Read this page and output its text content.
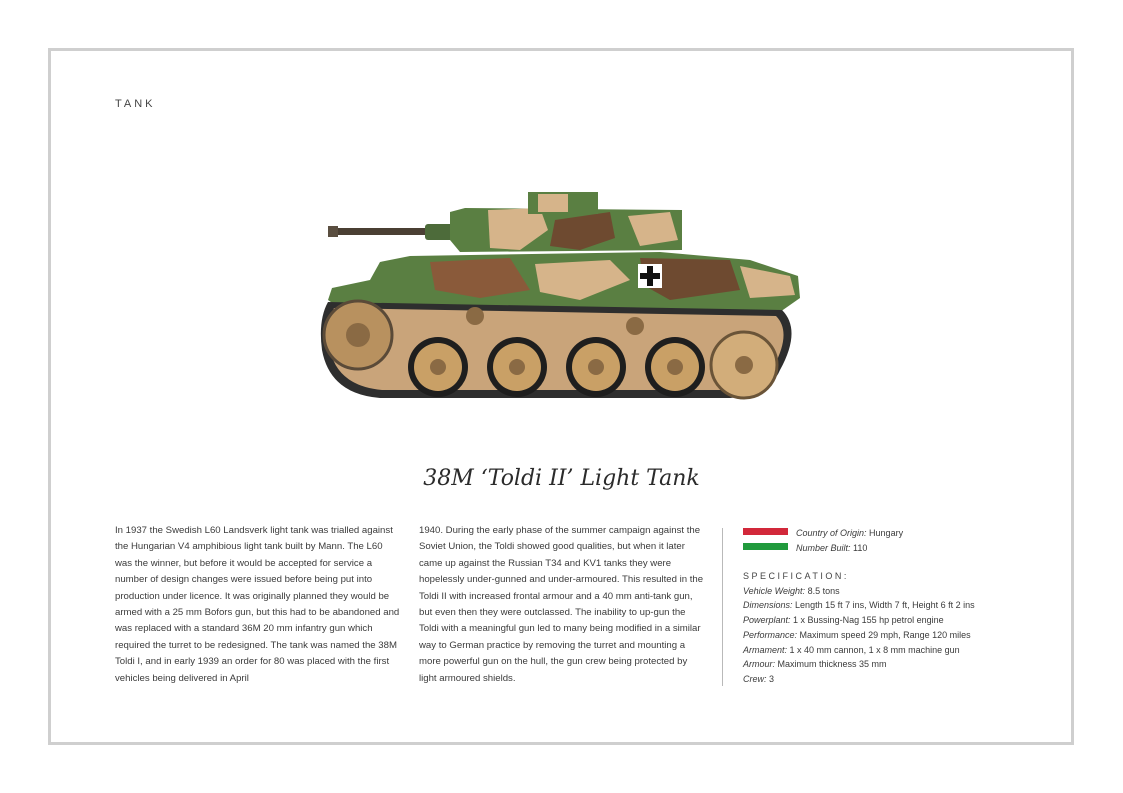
TANK
38M ‘Toldi II’ Light Tank

In 1937 the Swedish L60 Landsverk light tank was trialled against the Hungarian V4 amphibious light tank built by Mann. The L60 was the winner, but before it would be accepted for service a number of design changes were issued before being put into production under licence. It was originally planned they would be armed with a 25 mm Bofors gun, but this had to be abandoned and was replaced with a standard 36M 20 mm infantry gun which required the turret to be redesigned. The tank was named the 38M Toldi I, and in early 1939 an order for 80 was placed with the first vehicles being delivered in April

1940. During the early phase of the summer campaign against the Soviet Union, the Toldi showed good qualities, but when it later came up against the Russian T34 and KV1 tanks they were hopelessly under-gunned and under-armoured. This resulted in the Toldi II with increased frontal armour and a 40 mm anti-tank gun, but even then they were outclassed. The inability to up-gun the Toldi with a meaningful gun led to many being modified in a similar way to German practice by removing the turret and mounting a more powerful gun on the hull, the gun crew being protected by light armoured shields.

Country of Origin: Hungary
Number Built: 110
SPECIFICATION:
Vehicle Weight: 8.5 tons
Dimensions: Length 15 ft 7 ins, Width 7 ft, Height 6 ft 2 ins
Powerplant: 1 x Bussing-Nag 155 hp petrol engine
Performance: Maximum speed 29 mph, Range 120 miles
Armament: 1 x 40 mm cannon, 1 x 8 mm machine gun
Armour: Maximum thickness 35 mm
Crew: 3
